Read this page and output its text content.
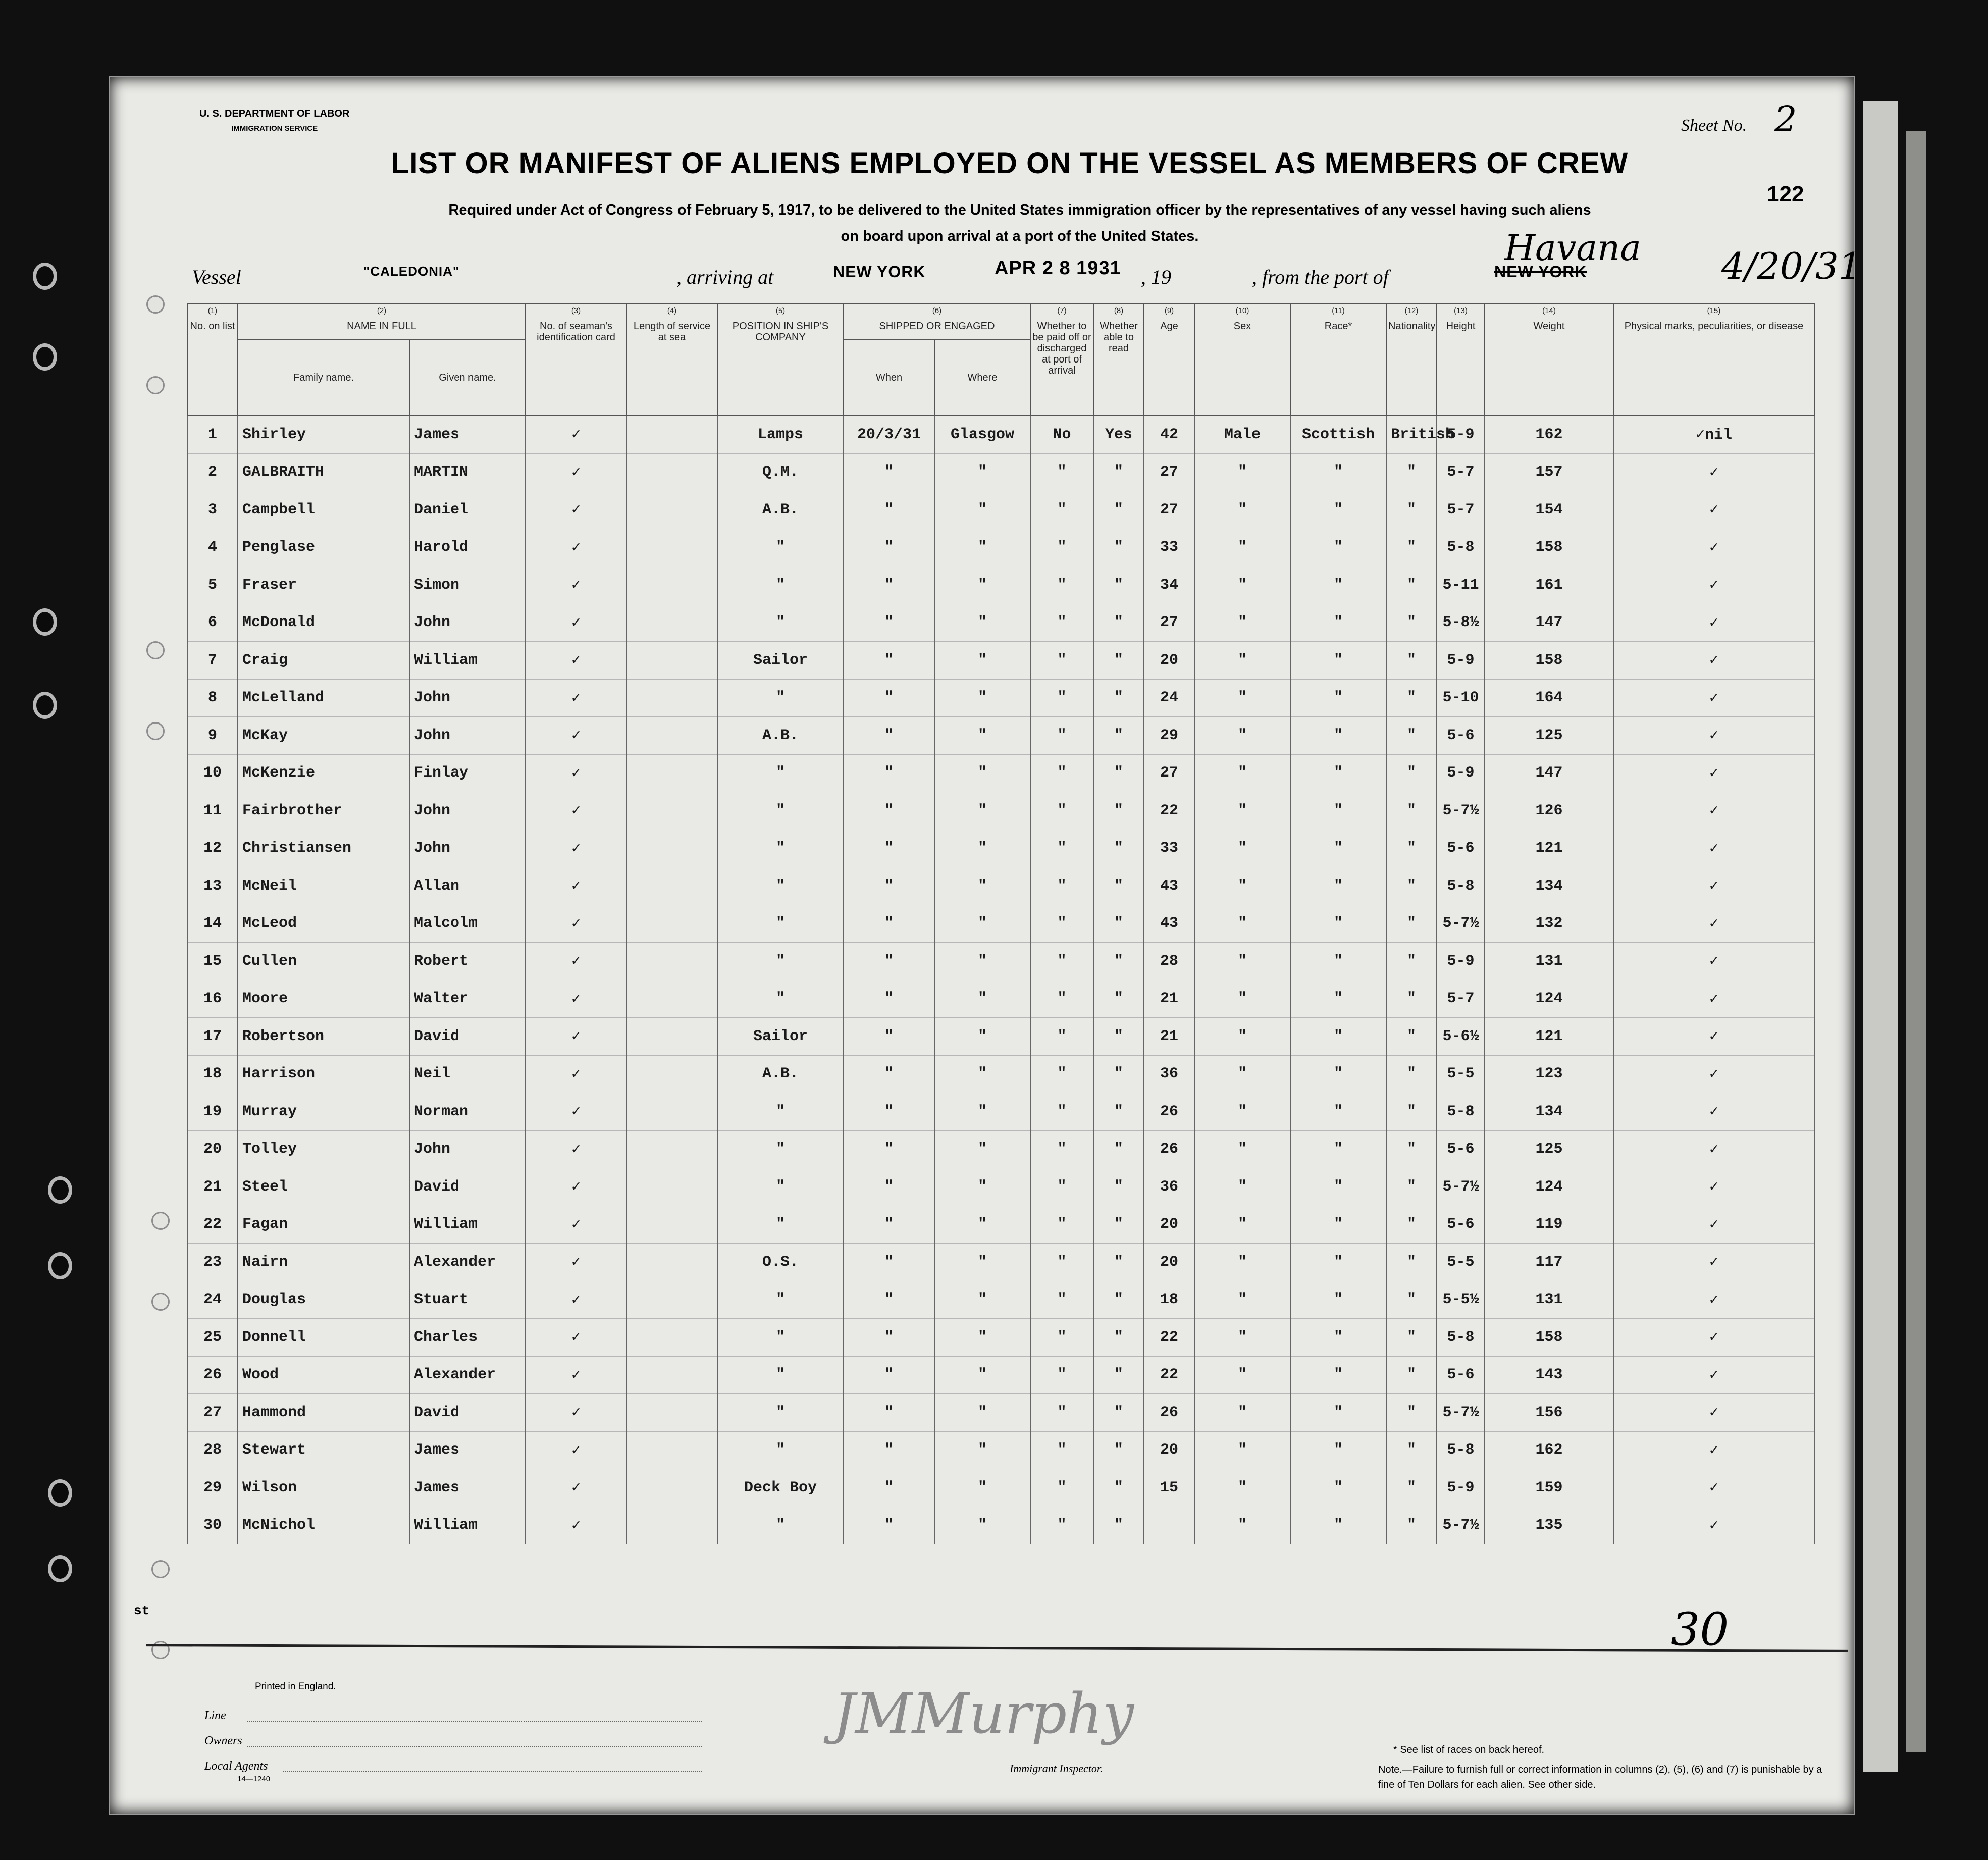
U. S. DEPARTMENT OF LABOR
IMMIGRATION SERVICE	Sheet No. 2
LIST OR MANIFEST OF ALIENS EMPLOYED ON THE VESSEL AS MEMBERS OF CREW
Required under Act of Congress of February 5, 1917, to be delivered to the United States immigration officer by the representatives of any vessel having such aliens
on board upon arrival at a port of the United States.
122
Vessel	"CALEDONIA"	, arriving at	NEW YORK	APR 2 8 1931 , 19	, from the port of	NEW YORK
Havana 4/20/31
(1)
No. on list	(2)
NAME IN FULL		(3)
No. of seaman's identification card	(4)
Length of service at sea	(5)
POSITION IN SHIP'S COMPANY	(6)
SHIPPED OR ENGAGED		(7)
Whether to be paid off or discharged at port of arrival	(8)
Whether able to read	(9)
Age	(10)
Sex	(11)
Race*	(12)
Nationality	(13)
Height	(14)
Weight	(15)
Physical marks, peculiarities, or disease
	Family name.	Given name.				When	Where									
1	Shirley	James	✓		Lamps	20/3/31	Glasgow	No	Yes	42	Male	Scottish	British	5-9	162	✓nil
2	GALBRAITH	MARTIN	✓		Q.M.	"	"	"	"	27	"	"	"	5-7	157	✓
3	Campbell	Daniel	✓		A.B.	"	"	"	"	27	"	"	"	5-7	154	✓
4	Penglase	Harold	✓		"	"	"	"	"	33	"	"	"	5-8	158	✓
5	Fraser	Simon	✓		"	"	"	"	"	34	"	"	"	5-11	161	✓
6	McDonald	John	✓		"	"	"	"	"	27	"	"	"	5-8½	147	✓
7	Craig	William	✓		Sailor	"	"	"	"	20	"	"	"	5-9	158	✓
8	McLelland	John	✓		"	"	"	"	"	24	"	"	"	5-10	164	✓
9	McKay	John	✓		A.B.	"	"	"	"	29	"	"	"	5-6	125	✓
10	McKenzie	Finlay	✓		"	"	"	"	"	27	"	"	"	5-9	147	✓
11	Fairbrother	John	✓		"	"	"	"	"	22	"	"	"	5-7½	126	✓
12	Christiansen	John	✓		"	"	"	"	"	33	"	"	"	5-6	121	✓
13	McNeil	Allan	✓		"	"	"	"	"	43	"	"	"	5-8	134	✓
14	McLeod	Malcolm	✓		"	"	"	"	"	43	"	"	"	5-7½	132	✓
15	Cullen	Robert	✓		"	"	"	"	"	28	"	"	"	5-9	131	✓
16	Moore	Walter	✓		"	"	"	"	"	21	"	"	"	5-7	124	✓
17	Robertson	David	✓		Sailor	"	"	"	"	21	"	"	"	5-6½	121	✓
18	Harrison	Neil	✓		A.B.	"	"	"	"	36	"	"	"	5-5	123	✓
19	Murray	Norman	✓		"	"	"	"	"	26	"	"	"	5-8	134	✓
20	Tolley	John	✓		"	"	"	"	"	26	"	"	"	5-6	125	✓
21	Steel	David	✓		"	"	"	"	"	36	"	"	"	5-7½	124	✓
22	Fagan	William	✓		"	"	"	"	"	20	"	"	"	5-6	119	✓
23	Nairn	Alexander	✓		O.S.	"	"	"	"	20	"	"	"	5-5	117	✓
24	Douglas	Stuart	✓		"	"	"	"	"	18	"	"	"	5-5½	131	✓
25	Donnell	Charles	✓		"	"	"	"	"	22	"	"	"	5-8	158	✓
26	Wood	Alexander	✓		"	"	"	"	"	22	"	"	"	5-6	143	✓
27	Hammond	David	✓		"	"	"	"	"	26	"	"	"	5-7½	156	✓
28	Stewart	James	✓		"	"	"	"	"	20	"	"	"	5-8	162	✓
29	Wilson	James	✓		Deck Boy	"	"	"	"	15	"	"	"	5-9	159	✓
30	McNichol	William	✓		"	"	"	"	"		"	"	"	5-7½	135	✓
st	30
Printed in England.
Line
Owners
Local Agents
14—1240
JMMurphy
Immigrant Inspector.
* See list of races on back hereof.
Note.—Failure to furnish full or correct information in columns (2), (5), (6) and (7) is punishable by a fine of Ten Dollars for each alien. See other side.
